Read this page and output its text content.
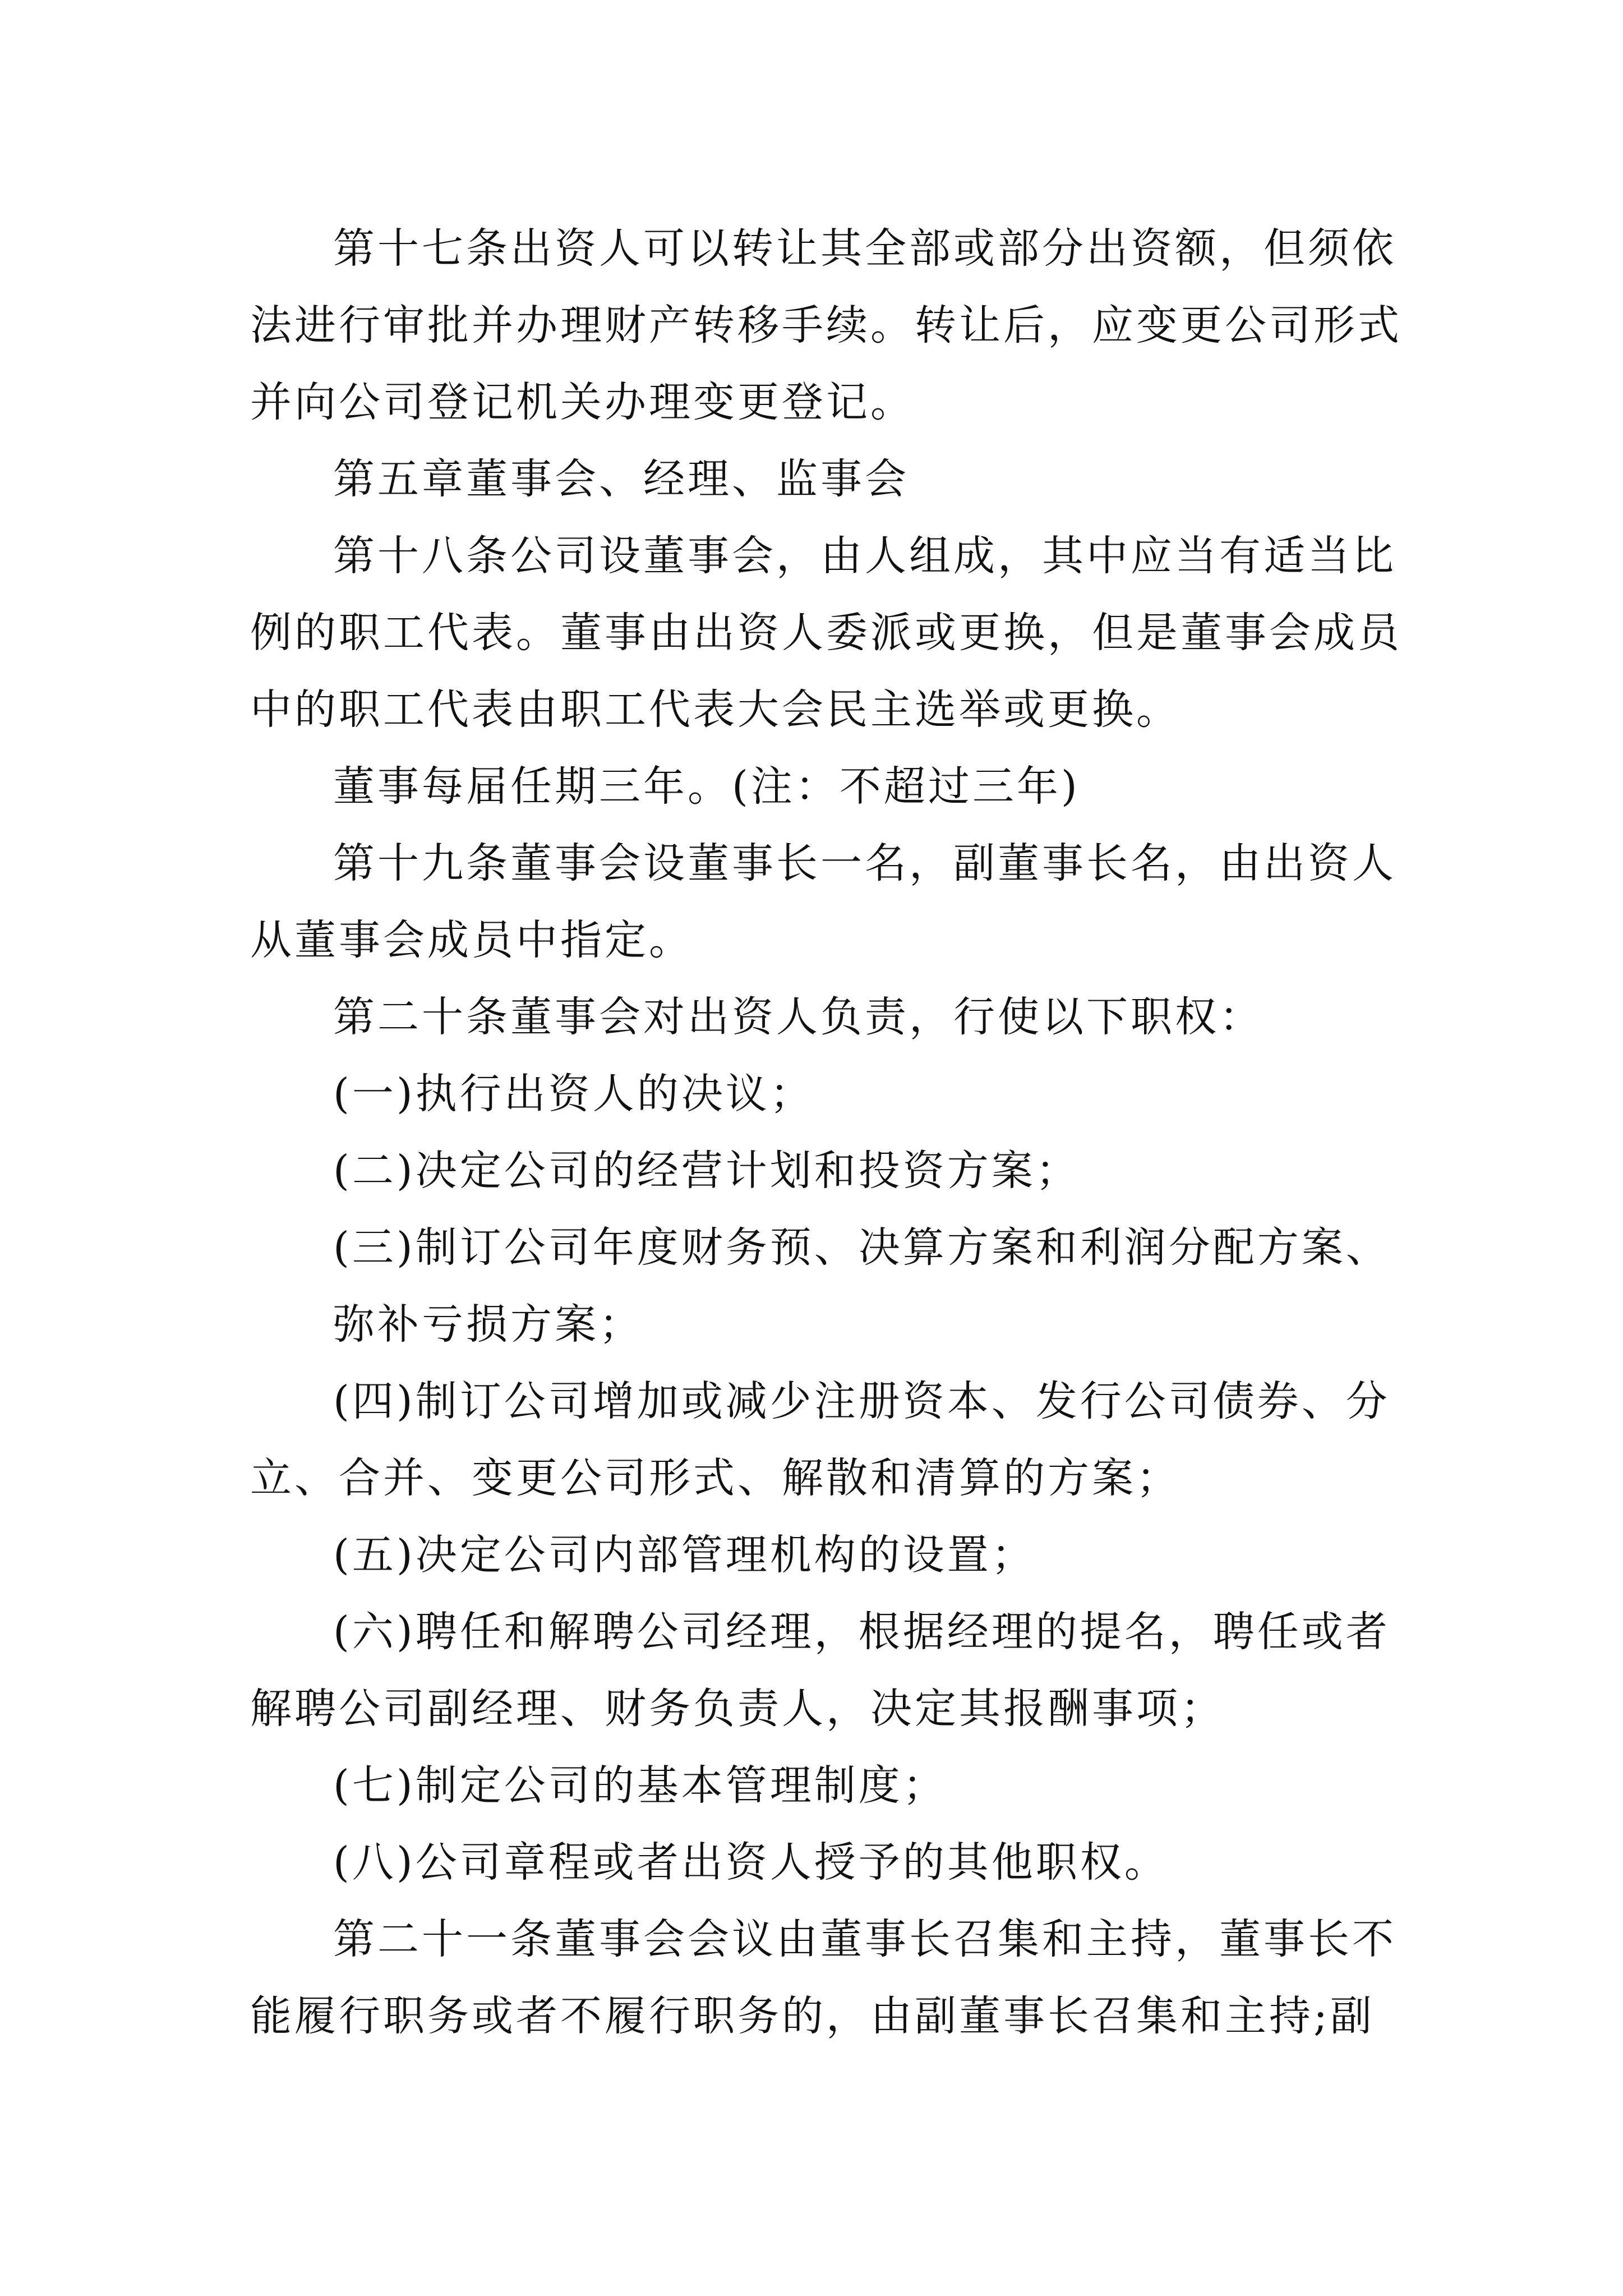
第十七条出资人可以转让其全部或部分出资额，但须依
法进行审批并办理财产转移手续。转让后，应变更公司形式
并向公司登记机关办理变更登记。
第五章董事会、经理、监事会
第十八条公司设董事会，由人组成，其中应当有适当比
例的职工代表。董事由出资人委派或更换，但是董事会成员
中的职工代表由职工代表大会民主选举或更换。
董事每届任期三年。(注：不超过三年)
第十九条董事会设董事长一名，副董事长名，由出资人
从董事会成员中指定。
第二十条董事会对出资人负责，行使以下职权：
(一)执行出资人的决议；
(二)决定公司的经营计划和投资方案；
(三)制订公司年度财务预、决算方案和利润分配方案、
弥补亏损方案；
(四)制订公司增加或减少注册资本、发行公司债券、分
立、合并、变更公司形式、解散和清算的方案；
(五)决定公司内部管理机构的设置；
(六)聘任和解聘公司经理，根据经理的提名，聘任或者
解聘公司副经理、财务负责人，决定其报酬事项；
(七)制定公司的基本管理制度；
(八)公司章程或者出资人授予的其他职权。
第二十一条董事会会议由董事长召集和主持，董事长不
能履行职务或者不履行职务的，由副董事长召集和主持;副
